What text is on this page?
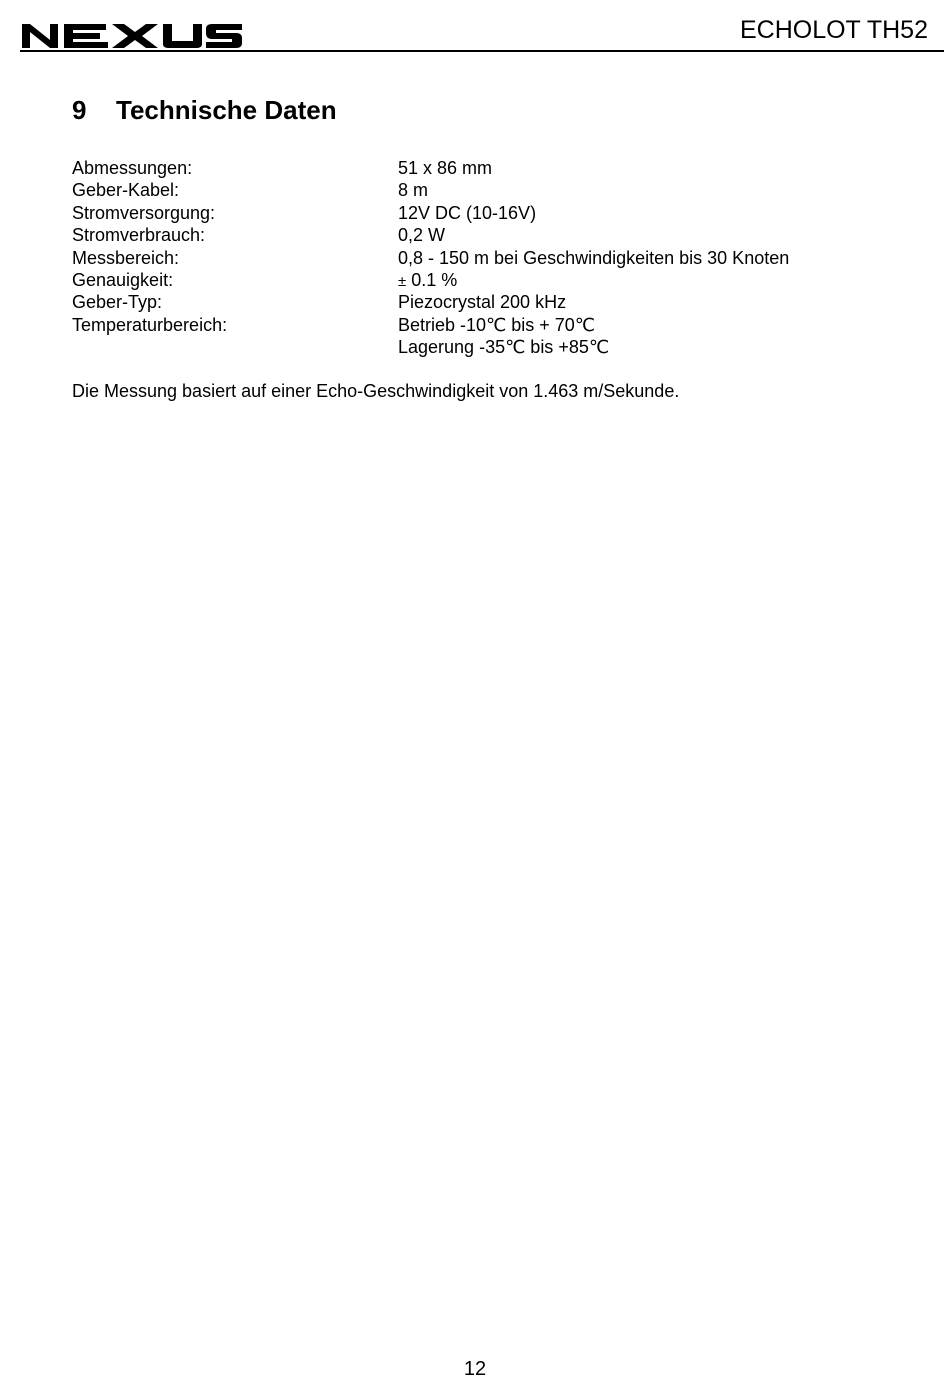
ECHOLOT TH52
9 Technische Daten
Abmessungen:	51 x 86 mm
Geber-Kabel:	8 m
Stromversorgung:	12V DC (10-16V)
Stromverbrauch:	0,2 W
Messbereich:	0,8 - 150 m bei Geschwindigkeiten bis 30 Knoten
Genauigkeit:	± 0.1 %
Geber-Typ:	Piezocrystal 200 kHz
Temperaturbereich:	Betrieb -10℃ bis + 70℃
Lagerung -35℃ bis +85℃
Die Messung basiert auf einer Echo-Geschwindigkeit von 1.463 m/Sekunde.
12
